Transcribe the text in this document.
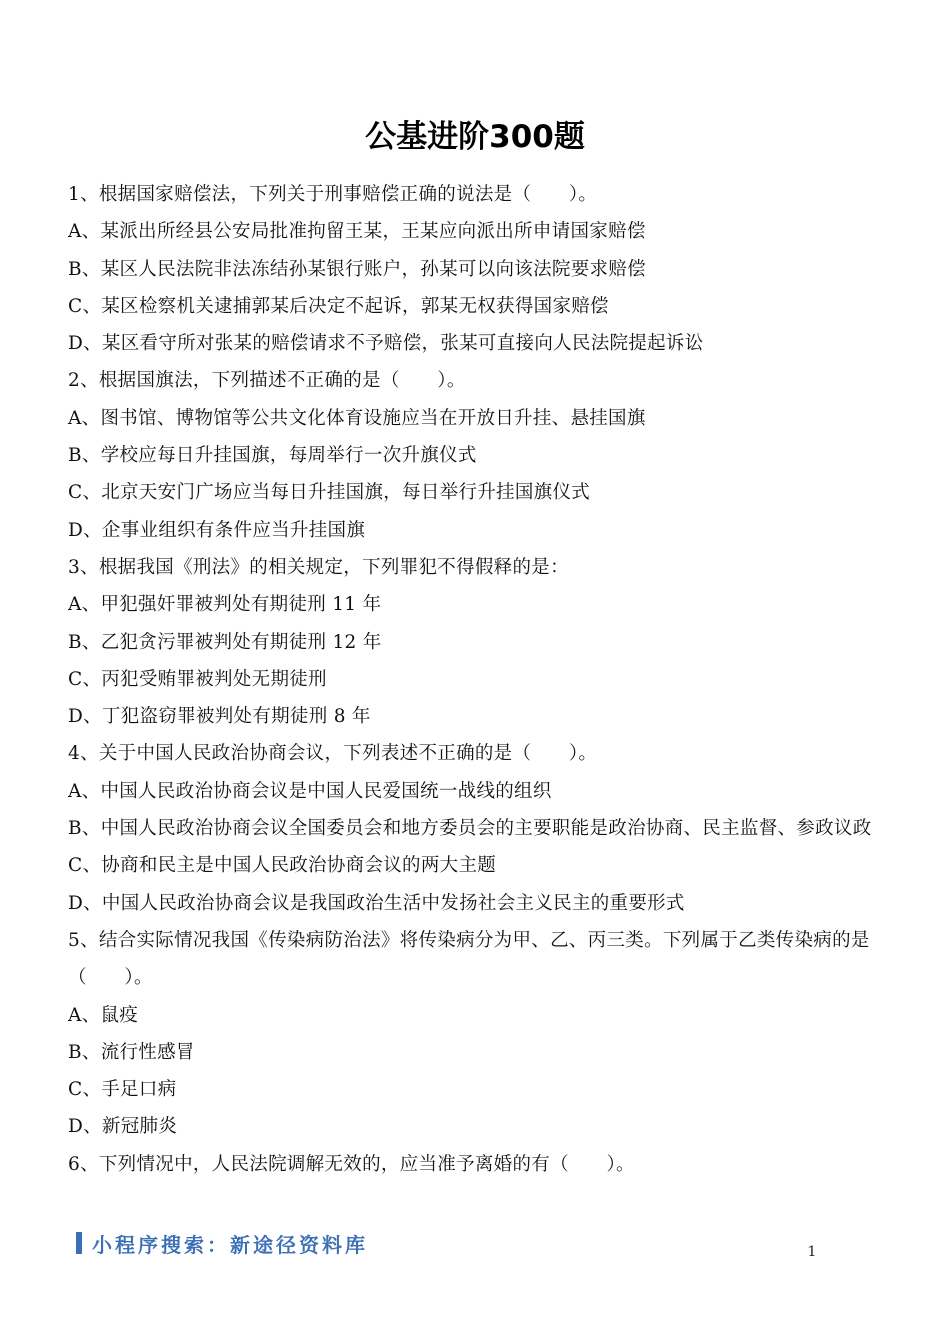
公基进阶300题
1、根据国家赔偿法，下列关于刑事赔偿正确的说法是（　　）。
A、某派出所经县公安局批准拘留王某，王某应向派出所申请国家赔偿
B、某区人民法院非法冻结孙某银行账户，孙某可以向该法院要求赔偿
C、某区检察机关逮捕郭某后决定不起诉，郭某无权获得国家赔偿
D、某区看守所对张某的赔偿请求不予赔偿，张某可直接向人民法院提起诉讼
2、根据国旗法，下列描述不正确的是（　　）。
A、图书馆、博物馆等公共文化体育设施应当在开放日升挂、悬挂国旗
B、学校应每日升挂国旗，每周举行一次升旗仪式
C、北京天安门广场应当每日升挂国旗，每日举行升挂国旗仪式
D、企事业组织有条件应当升挂国旗
3、根据我国《刑法》的相关规定，下列罪犯不得假释的是：
A、甲犯强奸罪被判处有期徒刑 11 年
B、乙犯贪污罪被判处有期徒刑 12 年
C、丙犯受贿罪被判处无期徒刑
D、丁犯盗窃罪被判处有期徒刑 8 年
4、关于中国人民政治协商会议，下列表述不正确的是（　　）。
A、中国人民政治协商会议是中国人民爱国统一战线的组织
B、中国人民政治协商会议全国委员会和地方委员会的主要职能是政治协商、民主监督、参政议政
C、协商和民主是中国人民政治协商会议的两大主题
D、中国人民政治协商会议是我国政治生活中发扬社会主义民主的重要形式
5、结合实际情况我国《传染病防治法》将传染病分为甲、乙、丙三类。下列属于乙类传染病的是（　　）。
A、鼠疫
B、流行性感冒
C、手足口病
D、新冠肺炎
6、下列情况中，人民法院调解无效的，应当准予离婚的有（　　）。
小程序搜索：新途径资料库	1
